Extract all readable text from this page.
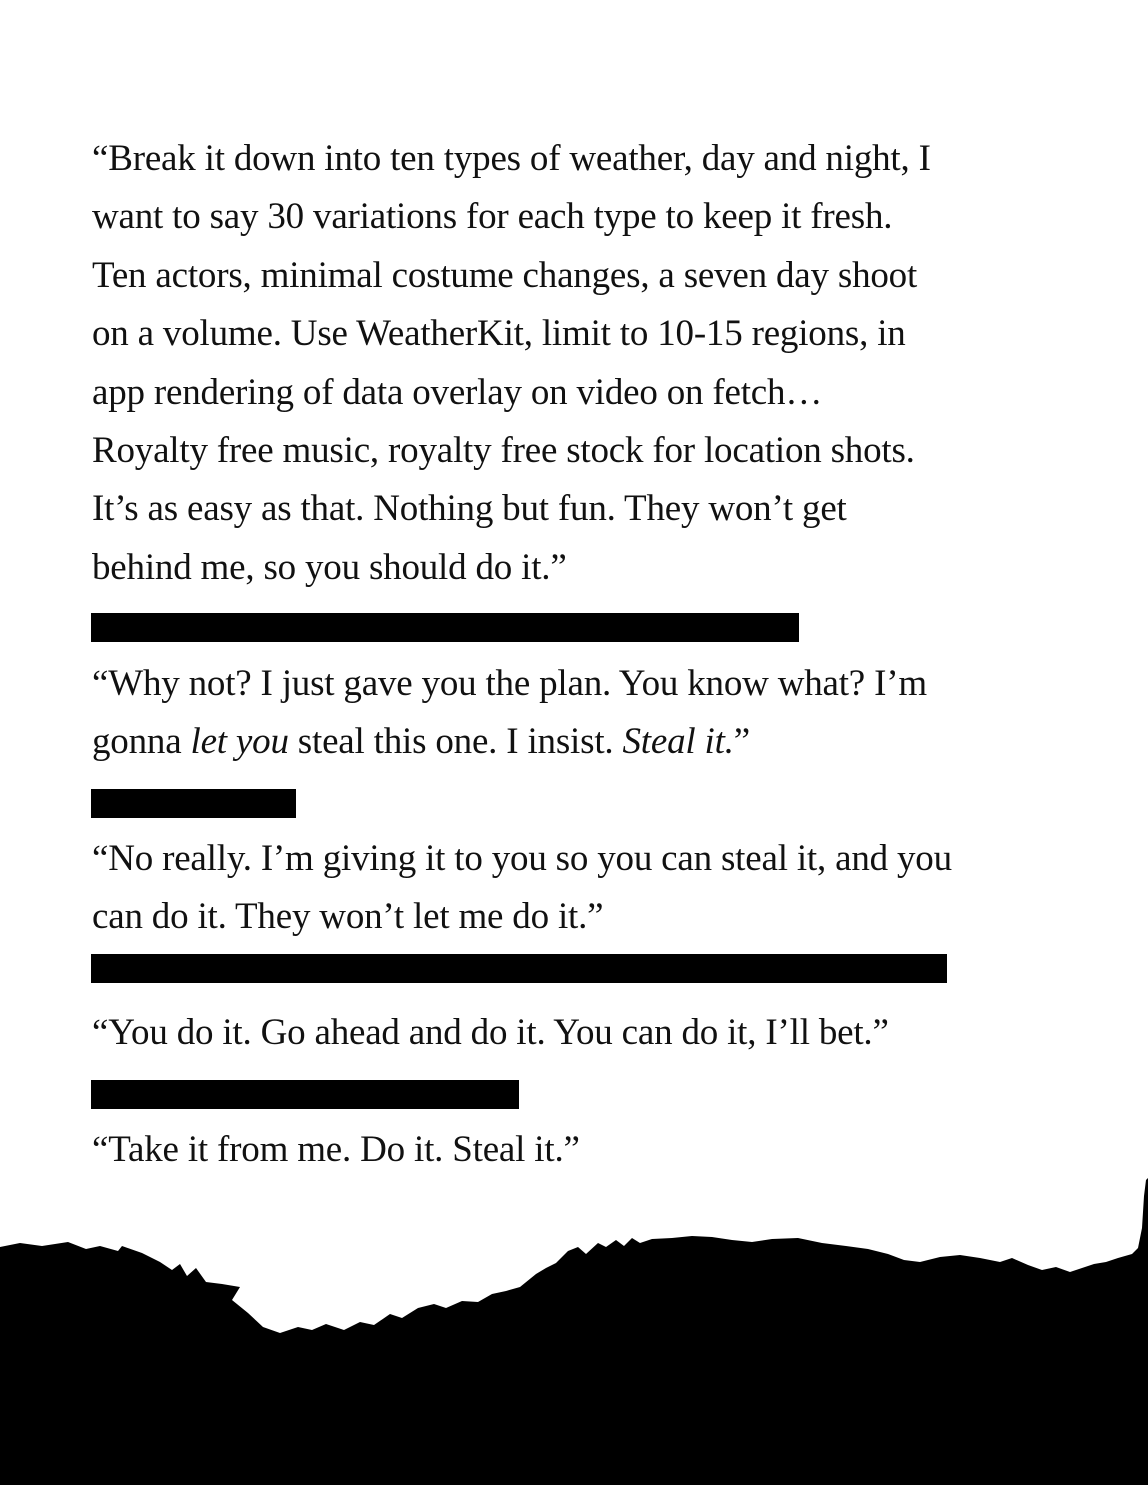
“Break it down into ten types of weather, day and night, I
want to say 30 variations for each type to keep it fresh.
Ten actors, minimal costume changes, a seven day shoot
on a volume. Use WeatherKit, limit to 10-15 regions, in
app rendering of data overlay on video on fetch…
Royalty free music, royalty free stock for location shots.
It’s as easy as that. Nothing but fun. They won’t get
behind me, so you should do it.”
“Why not? I just gave you the plan. You know what? I’m
gonna let you steal this one. I insist. Steal it.”
“No really. I’m giving it to you so you can steal it, and you
can do it. They won’t let me do it.”
“You do it. Go ahead and do it. You can do it, I’ll bet.”
“Take it from me. Do it. Steal it.”
